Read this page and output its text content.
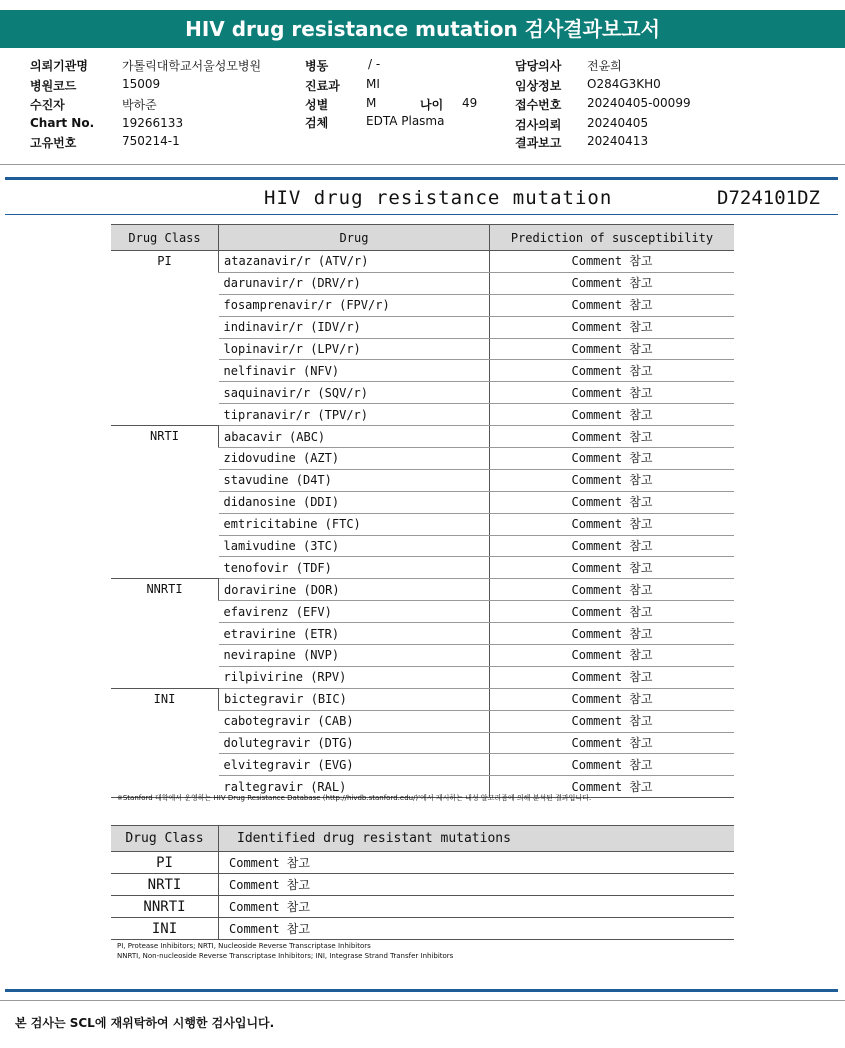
HIV drug resistance mutation 검사결과보고서
의뢰기관명	가톨릭대학교서울성모병원
병원코드	15009
수진자	박하준
Chart No. 19266133
고유번호	750214-1
병동	/ -
진료과 MI
성별	M	나이 49
검체	EDTA Plasma
담당의사 전윤희
임상정보 O284G3KH0
접수번호 20240405-00099
검사의뢰 20240405
결과보고 20240413
HIV drug resistance mutation	D724101DZ
Drug Class	Drug	Prediction of susceptibility
PI	atazanavir/r (ATV/r)	Comment 참고
	darunavir/r (DRV/r)	Comment 참고
	fosamprenavir/r (FPV/r)	Comment 참고
	indinavir/r (IDV/r)	Comment 참고
	lopinavir/r (LPV/r)	Comment 참고
	nelfinavir (NFV)	Comment 참고
	saquinavir/r (SQV/r)	Comment 참고
	tipranavir/r (TPV/r)	Comment 참고
NRTI	abacavir (ABC)	Comment 참고
	zidovudine (AZT)	Comment 참고
	stavudine (D4T)	Comment 참고
	didanosine (DDI)	Comment 참고
	emtricitabine (FTC)	Comment 참고
	lamivudine (3TC)	Comment 참고
	tenofovir (TDF)	Comment 참고
NNRTI	doravirine (DOR)	Comment 참고
	efavirenz (EFV)	Comment 참고
	etravirine (ETR)	Comment 참고
	nevirapine (NVP)	Comment 참고
	rilpivirine (RPV)	Comment 참고
INI	bictegravir (BIC)	Comment 참고
	cabotegravir (CAB)	Comment 참고
	dolutegravir (DTG)	Comment 참고
	elvitegravir (EVG)	Comment 참고
	raltegravir (RAL)	Comment 참고
※Stanford 대학에서 운영하는 HIV Drug Resistance Database (http://hivdb.stanford.edu/)'에서 제시하는 내성 알고리즘에 의해 분석된 결과입니다.
Drug Class	Identified drug resistant mutations
PI	Comment 참고
NRTI	Comment 참고
NNRTI	Comment 참고
INI	Comment 참고
PI, Protease Inhibitors; NRTI, Nucleoside Reverse Transcriptase Inhibitors
NNRTI, Non-nucleoside Reverse Transcriptase Inhibitors; INI, Integrase Strand Transfer Inhibitors
본 검사는 SCL에 재위탁하여 시행한 검사입니다.
